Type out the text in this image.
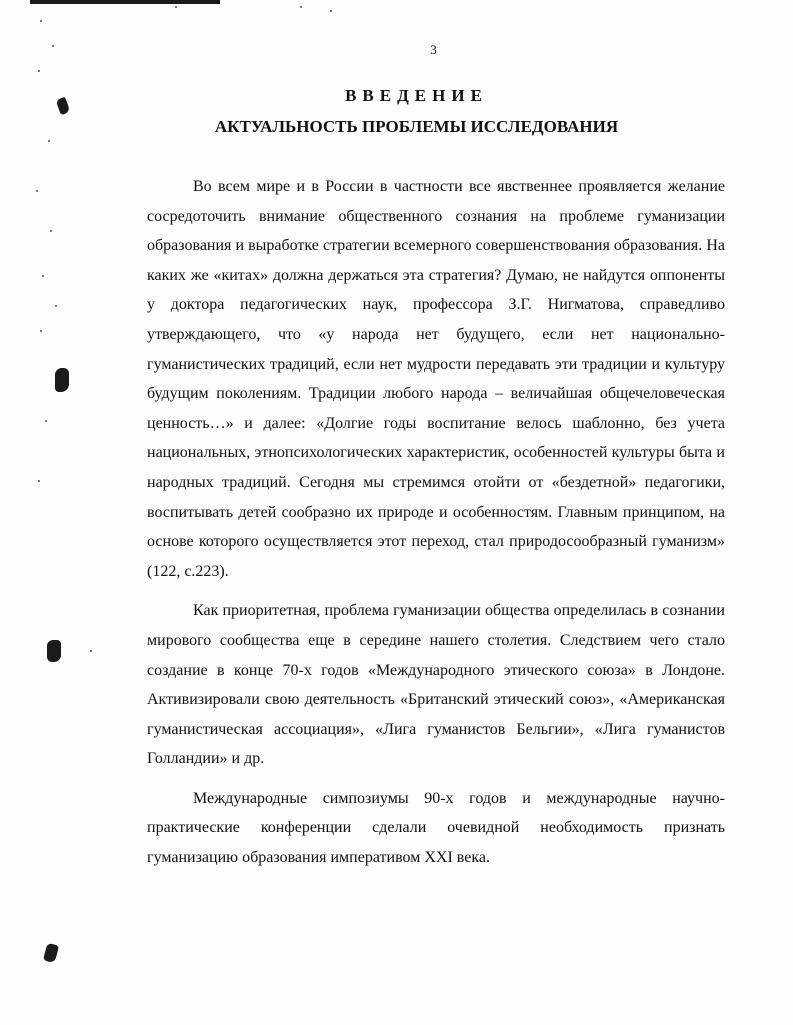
3
ВВЕДЕНИЕ
АКТУАЛЬНОСТЬ ПРОБЛЕМЫ ИССЛЕДОВАНИЯ

Во всем мире и в России в частности все явственнее проявляется желание сосредоточить внимание общественного сознания на проблеме гуманизации образования и выработке стратегии всемерного совершенствования образования. На каких же «китах» должна держаться эта стратегия? Думаю, не найдутся оппоненты у доктора педагогических наук, профессора З.Г. Нигматова, справедливо утверждающего, что «у народа нет будущего, если нет национально-гуманистических традиций, если нет мудрости передавать эти традиции и культуру будущим поколениям. Традиции любого народа – величайшая общечеловеческая ценность…» и далее: «Долгие годы воспитание велось шаблонно, без учета национальных, этнопсихологических характеристик, особенностей культуры быта и народных традиций. Сегодня мы стремимся отойти от «бездетной» педагогики, воспитывать детей сообразно их природе и особенностям. Главным принципом, на основе которого осуществляется этот переход, стал природосообразный гуманизм» (122, с.223).

Как приоритетная, проблема гуманизации общества определилась в сознании мирового сообщества еще в середине нашего столетия. Следствием чего стало создание в конце 70-х годов «Международного этического союза» в Лондоне. Активизировали свою деятельность «Британский этический союз», «Американская гуманистическая ассоциация», «Лига гуманистов Бельгии», «Лига гуманистов Голландии» и др.

Международные симпозиумы 90-х годов и международные научно-практические конференции сделали очевидной необходимость признать гуманизацию образования императивом XXI века.
